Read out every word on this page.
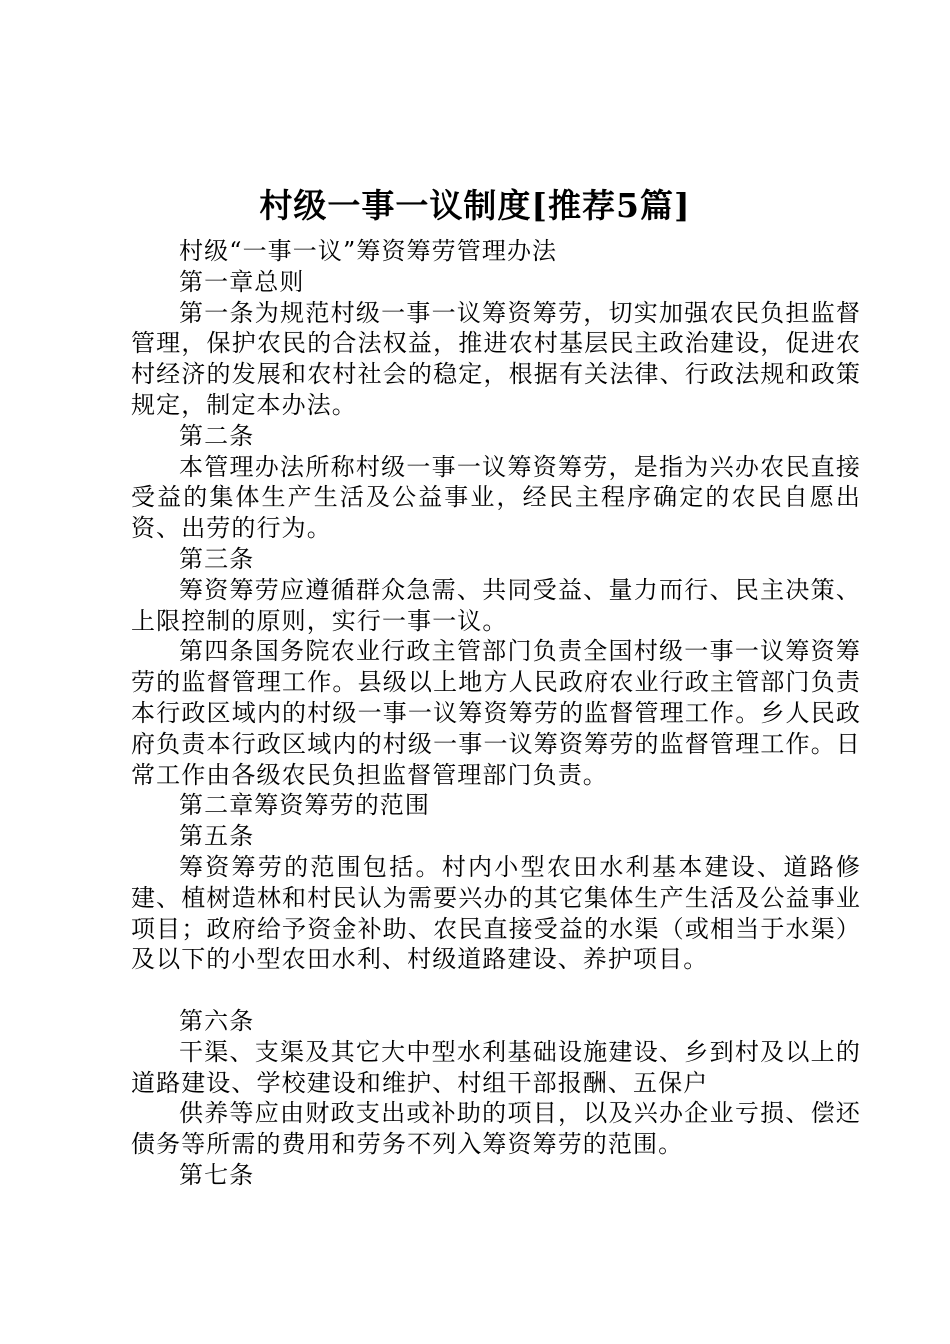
村级一事一议制度[推荐5篇]

村级“一事一议”筹资筹劳管理办法

第一章总则

第一条为规范村级一事一议筹资筹劳，切实加强农民负担监督管理，保护农民的合法权益，推进农村基层民主政治建设，促进农村经济的发展和农村社会的稳定，根据有关法律、行政法规和政策规定，制定本办法。

第二条

本管理办法所称村级一事一议筹资筹劳，是指为兴办农民直接受益的集体生产生活及公益事业，经民主程序确定的农民自愿出资、出劳的行为。

第三条

筹资筹劳应遵循群众急需、共同受益、量力而行、民主决策、上限控制的原则，实行一事一议。

第四条国务院农业行政主管部门负责全国村级一事一议筹资筹劳的监督管理工作。县级以上地方人民政府农业行政主管部门负责本行政区域内的村级一事一议筹资筹劳的监督管理工作。乡人民政府负责本行政区域内的村级一事一议筹资筹劳的监督管理工作。日常工作由各级农民负担监督管理部门负责。

第二章筹资筹劳的范围

第五条

筹资筹劳的范围包括。村内小型农田水利基本建设、道路修建、植树造林和村民认为需要兴办的其它集体生产生活及公益事业项目；政府给予资金补助、农民直接受益的水渠（或相当于水渠）及以下的小型农田水利、村级道路建设、养护项目。

第六条

干渠、支渠及其它大中型水利基础设施建设、乡到村及以上的道路建设、学校建设和维护、村组干部报酬、五保户

供养等应由财政支出或补助的项目，以及兴办企业亏损、偿还债务等所需的费用和劳务不列入筹资筹劳的范围。

第七条
